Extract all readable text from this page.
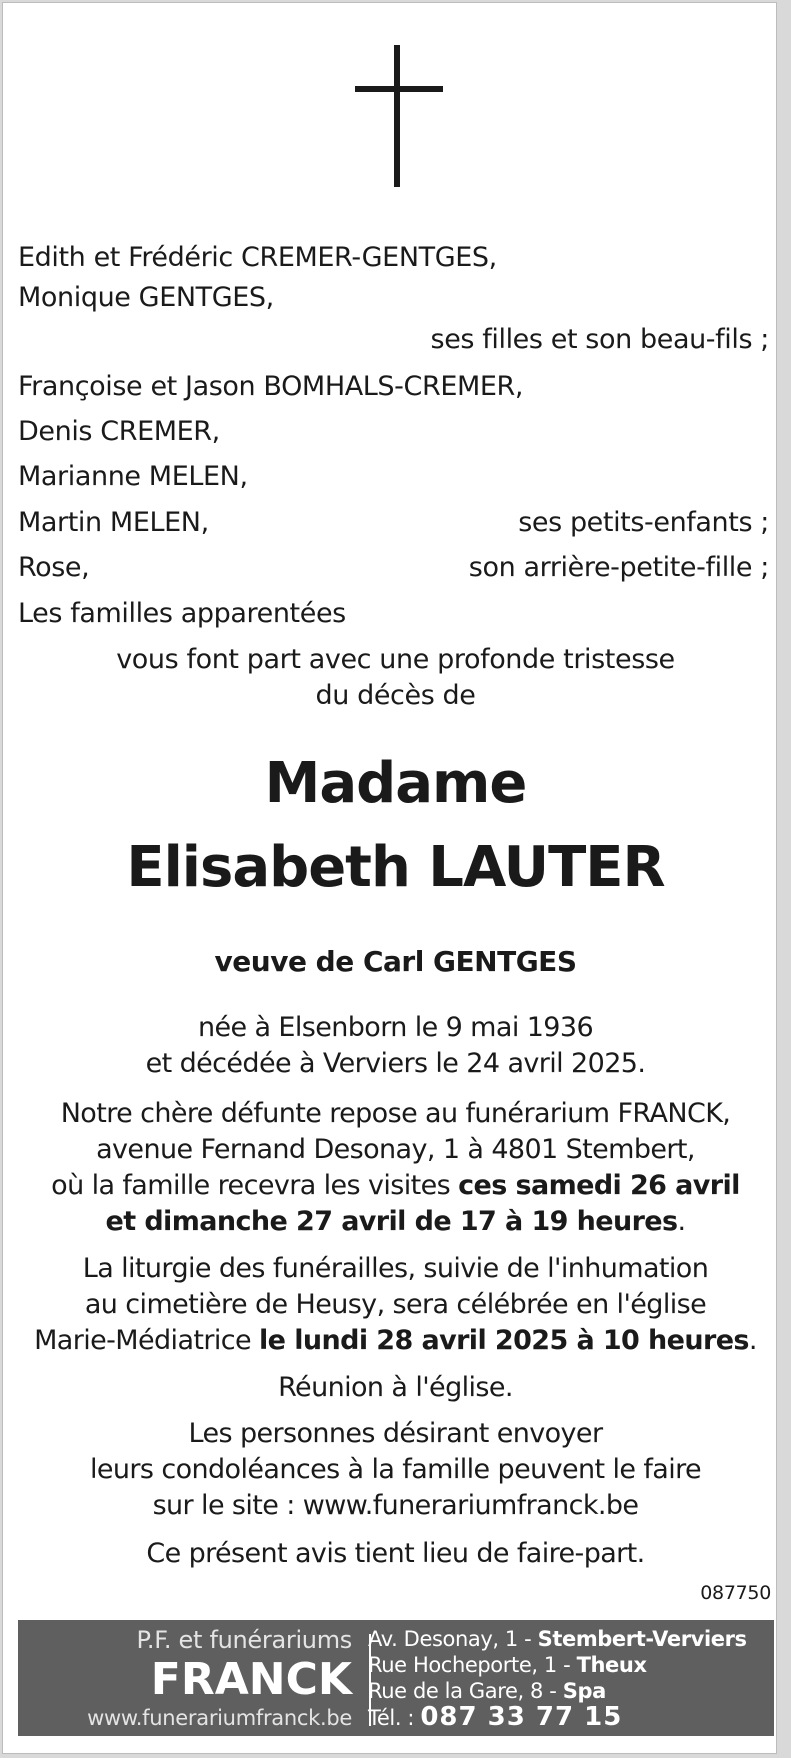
Edith et Frédéric CREMER-GENTGES,
Monique GENTGES,
ses filles et son beau-fils ;
Françoise et Jason BOMHALS-CREMER,
Denis CREMER,
Marianne MELEN,
Martin MELEN,	ses petits-enfants ;
Rose,	son arrière-petite-fille ;
Les familles apparentées
vous font part avec une profonde tristesse
du décès de
Madame
Elisabeth LAUTER
veuve de Carl GENTGES
née à Elsenborn le 9 mai 1936
et décédée à Verviers le 24 avril 2025.
Notre chère défunte repose au funérarium FRANCK,
avenue Fernand Desonay, 1 à 4801 Stembert,
où la famille recevra les visites ces samedi 26 avril
et dimanche 27 avril de 17 à 19 heures.
La liturgie des funérailles, suivie de l'inhumation
au cimetière de Heusy, sera célébrée en l'église
Marie-Médiatrice le lundi 28 avril 2025 à 10 heures.
Réunion à l'église.
Les personnes désirant envoyer
leurs condoléances à la famille peuvent le faire
sur le site : www.funerariumfranck.be
Ce présent avis tient lieu de faire-part.
087750
P.F. et funérariums
FRANCK
www.funerariumfranck.be
Av. Desonay, 1 - Stembert-Verviers
Rue Hocheporte, 1 - Theux
Rue de la Gare, 8 - Spa
Tél. : 087 33 77 15
